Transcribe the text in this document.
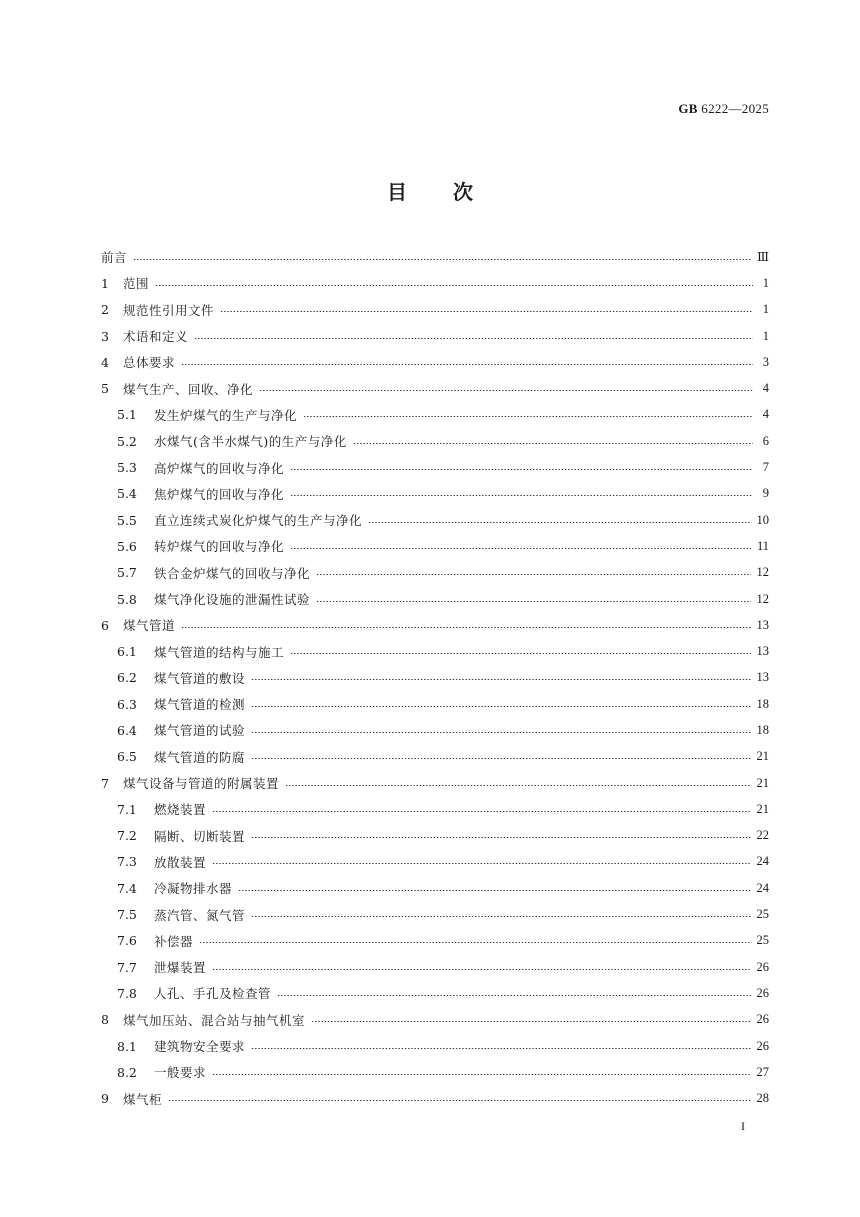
GB 6222—2025
目次
前言	Ⅲ
1	范围	1
2	规范性引用文件	1
3	术语和定义	1
4	总体要求	3
5	煤气生产、回收、净化	4
5.1	发生炉煤气的生产与净化	4
5.2	水煤气(含半水煤气)的生产与净化	6
5.3	高炉煤气的回收与净化	7
5.4	焦炉煤气的回收与净化	9
5.5	直立连续式炭化炉煤气的生产与净化	10
5.6	转炉煤气的回收与净化	11
5.7	铁合金炉煤气的回收与净化	12
5.8	煤气净化设施的泄漏性试验	12
6	煤气管道	13
6.1	煤气管道的结构与施工	13
6.2	煤气管道的敷设	13
6.3	煤气管道的检测	18
6.4	煤气管道的试验	18
6.5	煤气管道的防腐	21
7	煤气设备与管道的附属装置	21
7.1	燃烧装置	21
7.2	隔断、切断装置	22
7.3	放散装置	24
7.4	冷凝物排水器	24
7.5	蒸汽管、氮气管	25
7.6	补偿器	25
7.7	泄爆装置	26
7.8	人孔、手孔及检查管	26
8	煤气加压站、混合站与抽气机室	26
8.1	建筑物安全要求	26
8.2	一般要求	27
9	煤气柜	28
I
